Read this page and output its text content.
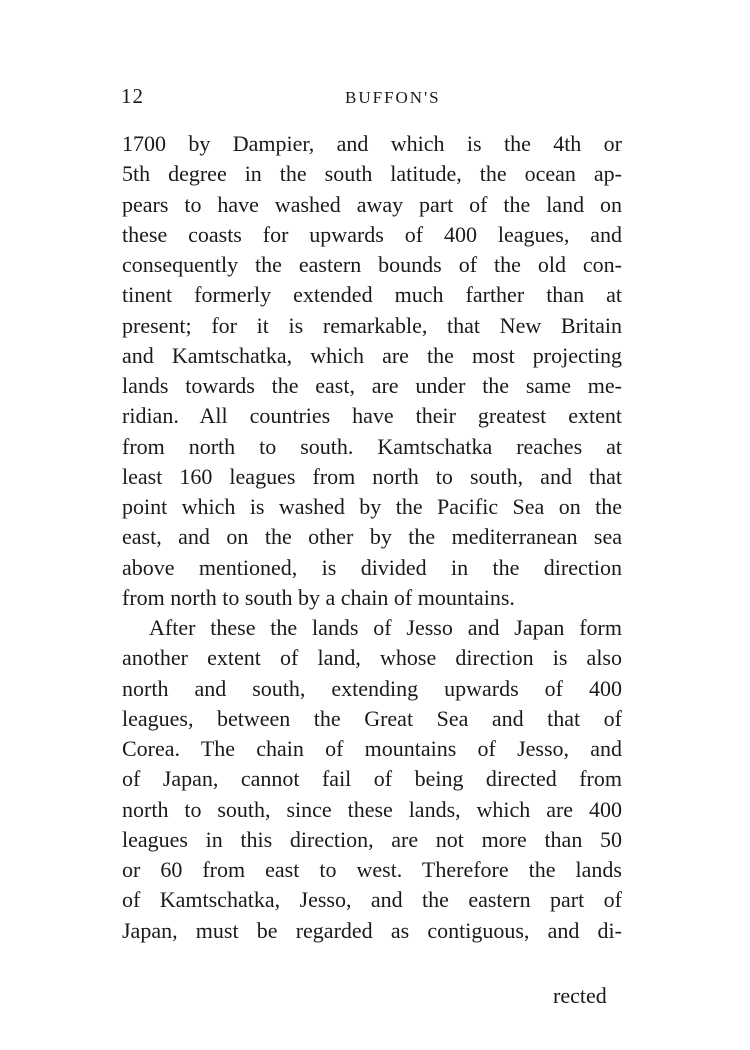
12	BUFFON'S
1700 by Dampier, and which is the 4th or
5th degree in the south latitude, the ocean ap-
pears to have washed away part of the land on
these coasts for upwards of 400 leagues, and
consequently the eastern bounds of the old con-
tinent formerly extended much farther than at
present; for it is remarkable, that New Britain
and Kamtschatka, which are the most projecting
lands towards the east, are under the same me-
ridian. All countries have their greatest extent
from north to south. Kamtschatka reaches at
least 160 leagues from north to south, and that
point which is washed by the Pacific Sea on the
east, and on the other by the mediterranean sea
above mentioned, is divided in the direction
from north to south by a chain of mountains.
After these the lands of Jesso and Japan form
another extent of land, whose direction is also
north and south, extending upwards of 400
leagues, between the Great Sea and that of
Corea. The chain of mountains of Jesso, and
of Japan, cannot fail of being directed from
north to south, since these lands, which are 400
leagues in this direction, are not more than 50
or 60 from east to west. Therefore the lands
of Kamtschatka, Jesso, and the eastern part of
Japan, must be regarded as contiguous, and di-
rected
